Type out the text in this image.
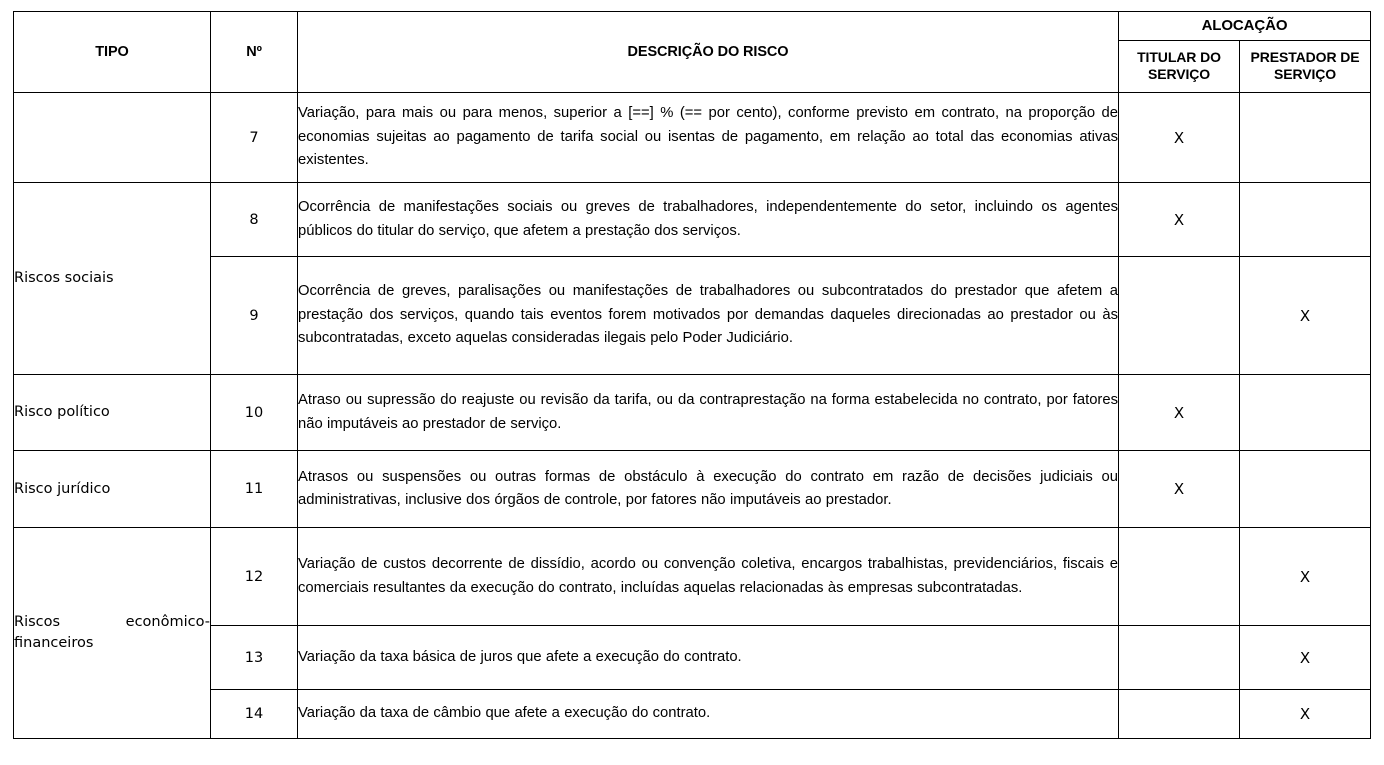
TIPO	Nº	DESCRIÇÃO DO RISCO	ALOCAÇÃO	
			TITULAR DO SERVIÇO	PRESTADOR DE SERVIÇO

	7	Variação, para mais ou para menos, superior a [==] % (== por cento), conforme previsto em contrato, na proporção de economias sujeitas ao pagamento de tarifa social ou isentas de pagamento, em relação ao total das economias ativas existentes.	X	

Riscos sociais	8	Ocorrência de manifestações sociais ou greves de trabalhadores, independentemente do setor, incluindo os agentes públicos do titular do serviço, que afetem a prestação dos serviços.	X	
	9	Ocorrência de greves, paralisações ou manifestações de trabalhadores ou subcontratados do prestador que afetem a prestação dos serviços, quando tais eventos forem motivados por demandas daqueles direcionadas ao prestador ou às subcontratadas, exceto aquelas consideradas ilegais pelo Poder Judiciário.		X

Risco político	10	Atraso ou supressão do reajuste ou revisão da tarifa, ou da contraprestação na forma estabelecida no contrato, por fatores não imputáveis ao prestador de serviço.	X	

Risco jurídico	11	Atrasos ou suspensões ou outras formas de obstáculo à execução do contrato em razão de decisões judiciais ou administrativas, inclusive dos órgãos de controle, por fatores não imputáveis ao prestador.	X	

Riscos econômico-financeiros	12	Variação de custos decorrente de dissídio, acordo ou convenção coletiva, encargos trabalhistas, previdenciários, fiscais e comerciais resultantes da execução do contrato, incluídas aquelas relacionadas às empresas subcontratadas.		X
	13	Variação da taxa básica de juros que afete a execução do contrato.		X
	14	Variação da taxa de câmbio que afete a execução do contrato.		X
